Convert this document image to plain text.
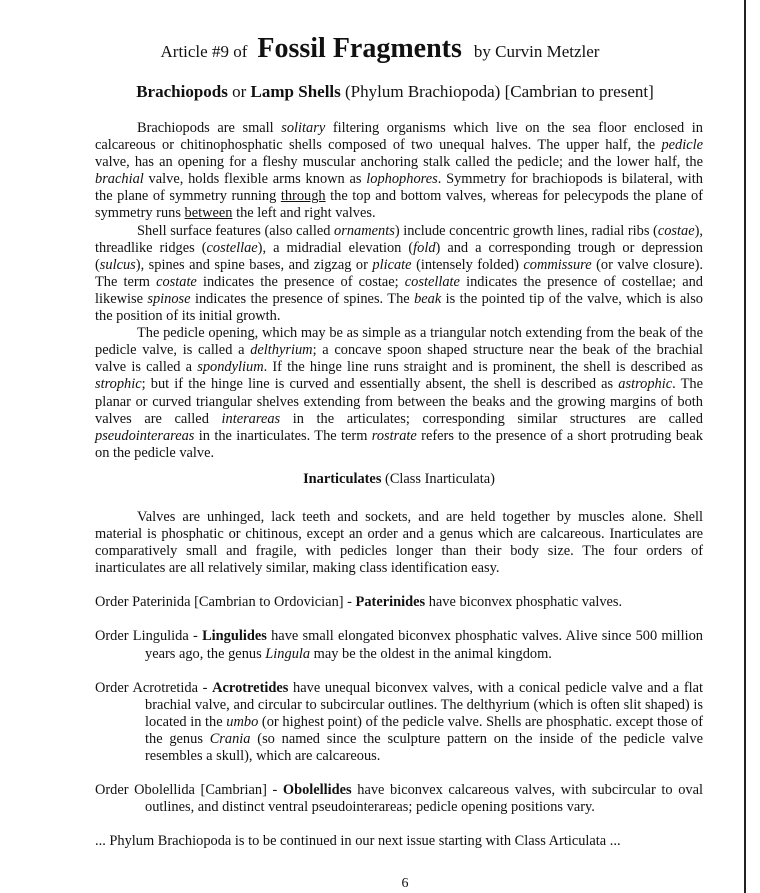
Article #9 of Fossil Fragments by Curvin Metzler
Brachiopods or Lamp Shells (Phylum Brachiopoda) [Cambrian to present]

Brachiopods are small solitary filtering organisms which live on the sea floor enclosed in calcareous or chitinophosphatic shells composed of two unequal halves. The upper half, the pedicle valve, has an opening for a fleshy muscular anchoring stalk called the pedicle; and the lower half, the brachial valve, holds flexible arms known as lophophores. Symmetry for brachiopods is bilateral, with the plane of symmetry running through the top and bottom valves, whereas for pelecypods the plane of symmetry runs between the left and right valves.

Shell surface features (also called ornaments) include concentric growth lines, radial ribs (costae), threadlike ridges (costellae), a midradial elevation (fold) and a corresponding trough or depression (sulcus), spines and spine bases, and zigzag or plicate (intensely folded) commissure (or valve closure). The term costate indicates the presence of costae; costellate indicates the presence of costellae; and likewise spinose indicates the presence of spines. The beak is the pointed tip of the valve, which is also the position of its initial growth.

The pedicle opening, which may be as simple as a triangular notch extending from the beak of the pedicle valve, is called a delthyrium; a concave spoon shaped structure near the beak of the brachial valve is called a spondylium. If the hinge line runs straight and is prominent, the shell is described as strophic; but if the hinge line is curved and essentially absent, the shell is described as astrophic. The planar or curved triangular shelves extending from between the beaks and the growing margins of both valves are called interareas in the articulates; corresponding similar structures are called pseudointerareas in the inarticulates. The term rostrate refers to the presence of a short protruding beak on the pedicle valve.

Inarticulates (Class Inarticulata)

Valves are unhinged, lack teeth and sockets, and are held together by muscles alone. Shell material is phosphatic or chitinous, except an order and a genus which are calcareous. Inarticulates are comparatively small and fragile, with pedicles longer than their body size. The four orders of inarticulates are all relatively similar, making class identification easy.

Order Paterinida [Cambrian to Ordovician] - Paterinides have biconvex phosphatic valves.
Order Lingulida - Lingulides have small elongated biconvex phosphatic valves. Alive since 500 million years ago, the genus Lingula may be the oldest in the animal kingdom.
Order Acrotretida - Acrotretides have unequal biconvex valves, with a conical pedicle valve and a flat brachial valve, and circular to subcircular outlines. The delthyrium (which is often slit shaped) is located in the umbo (or highest point) of the pedicle valve. Shells are phosphatic. except those of the genus Crania (so named since the sculpture pattern on the inside of the pedicle valve resembles a skull), which are calcareous.
Order Obolellida [Cambrian] - Obolellides have biconvex calcareous valves, with subcircular to oval outlines, and distinct ventral pseudointerareas; pedicle opening positions vary.
... Phylum Brachiopoda is to be continued in our next issue starting with Class Articulata ...
6
